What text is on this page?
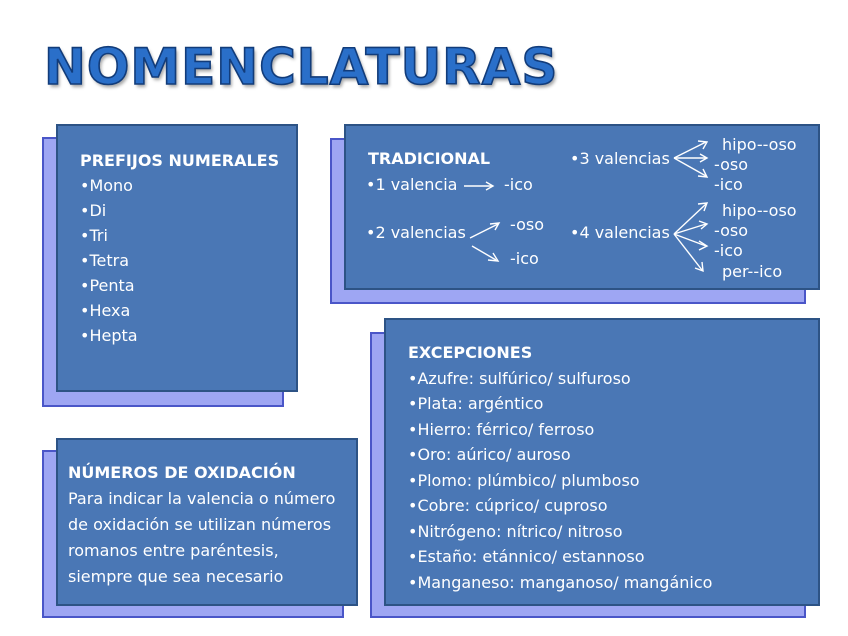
NOMENCLATURAS
PREFIJOS NUMERALES
•Mono
•Di
•Tri
•Tetra
•Penta
•Hexa
•Hepta
TRADICIONAL
•1 valencia	-ico
•2 valencias	-oso
-ico
•3 valencias
hipo--oso
-oso
-ico
•4 valencias
hipo--oso
-oso
-ico
per--ico
NÚMEROS DE OXIDACIÓN
Para indicar la valencia o número
de oxidación se utilizan números
romanos entre paréntesis,
siempre que sea necesario
EXCEPCIONES
•Azufre: sulfúrico/ sulfuroso
•Plata: argéntico
•Hierro: férrico/ ferroso
•Oro: aúrico/ auroso
•Plomo: plúmbico/ plumboso
•Cobre: cúprico/ cuproso
•Nitrógeno: nítrico/ nitroso
•Estaño: etánnico/ estannoso
•Manganeso: manganoso/ mangánico
